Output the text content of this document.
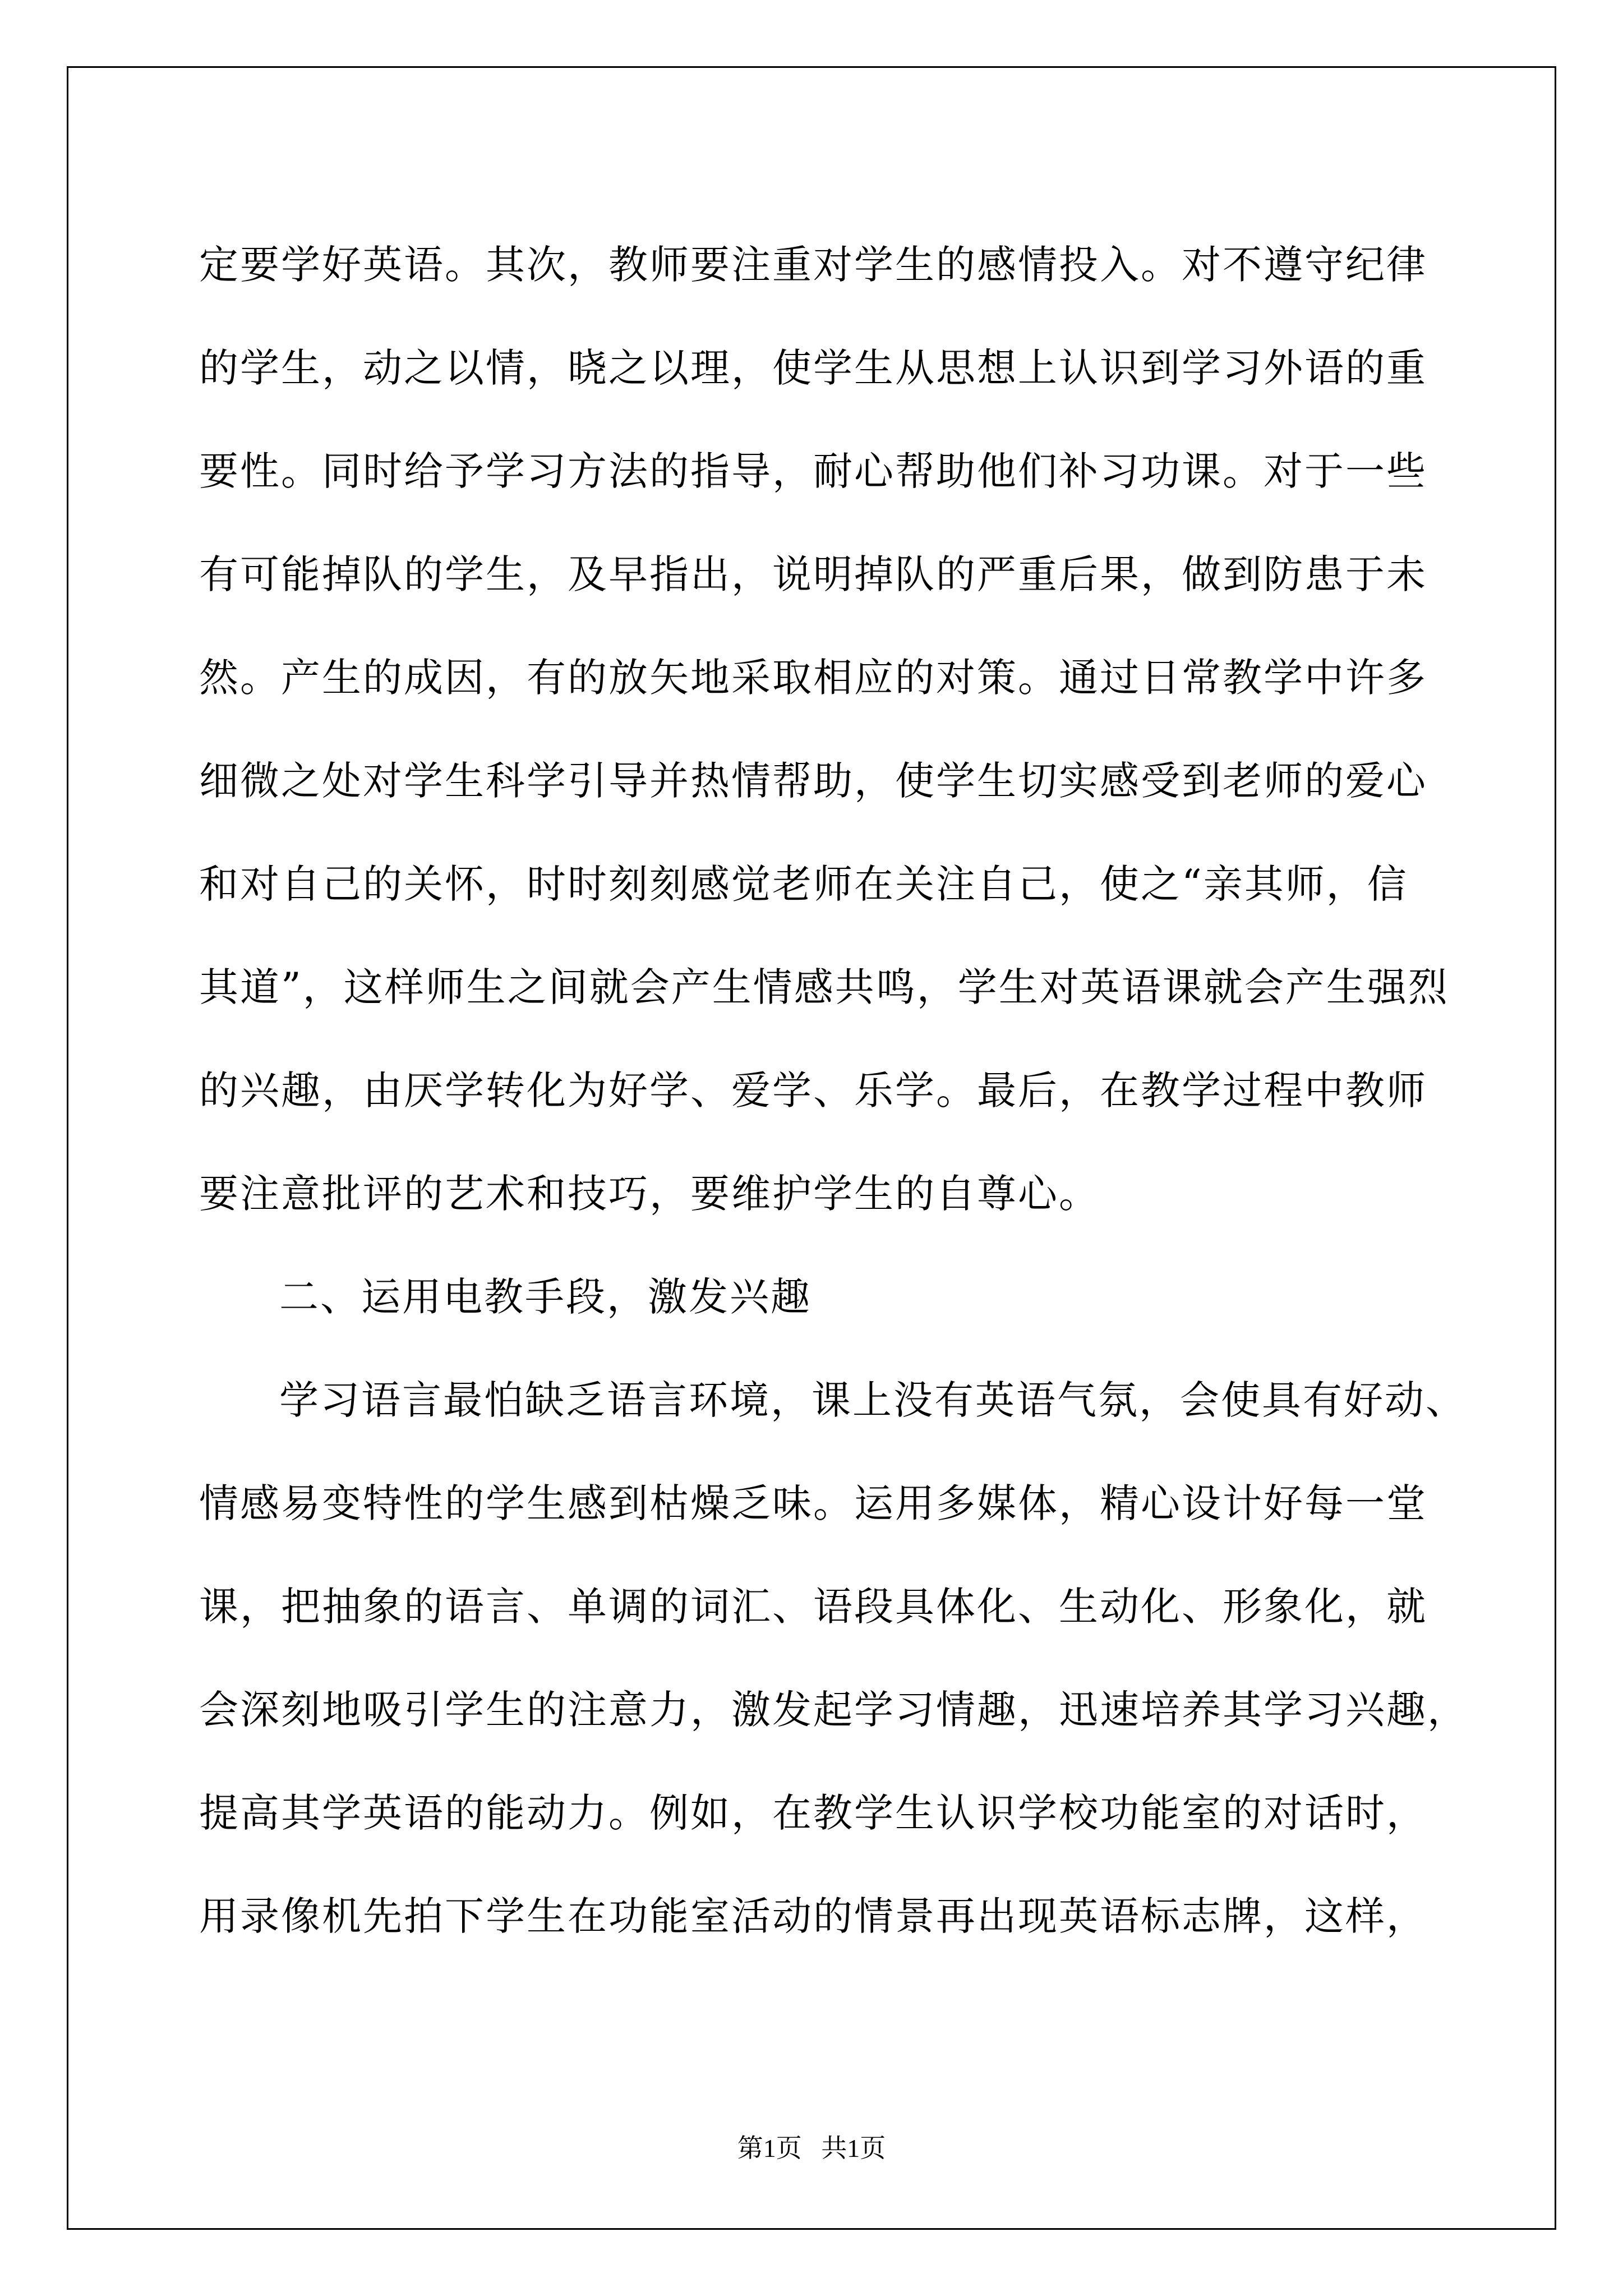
定要学好英语。其次，教师要注重对学生的感情投入。对不遵守纪律
的学生，动之以情，晓之以理，使学生从思想上认识到学习外语的重
要性。同时给予学习方法的指导，耐心帮助他们补习功课。对于一些
有可能掉队的学生，及早指出，说明掉队的严重后果，做到防患于未
然。产生的成因，有的放矢地采取相应的对策。通过日常教学中许多
细微之处对学生科学引导并热情帮助，使学生切实感受到老师的爱心
和对自己的关怀，时时刻刻感觉老师在关注自己，使之“亲其师，信
其道”，这样师生之间就会产生情感共鸣，学生对英语课就会产生强烈
的兴趣，由厌学转化为好学、爱学、乐学。最后，在教学过程中教师
要注意批评的艺术和技巧，要维护学生的自尊心。
二、运用电教手段，激发兴趣
学习语言最怕缺乏语言环境，课上没有英语气氛，会使具有好动、
情感易变特性的学生感到枯燥乏味。运用多媒体，精心设计好每一堂
课，把抽象的语言、单调的词汇、语段具体化、生动化、形象化，就
会深刻地吸引学生的注意力，激发起学习情趣，迅速培养其学习兴趣，
提高其学英语的能动力。例如，在教学生认识学校功能室的对话时，
用录像机先拍下学生在功能室活动的情景再出现英语标志牌，这样，
第1页   共1页
